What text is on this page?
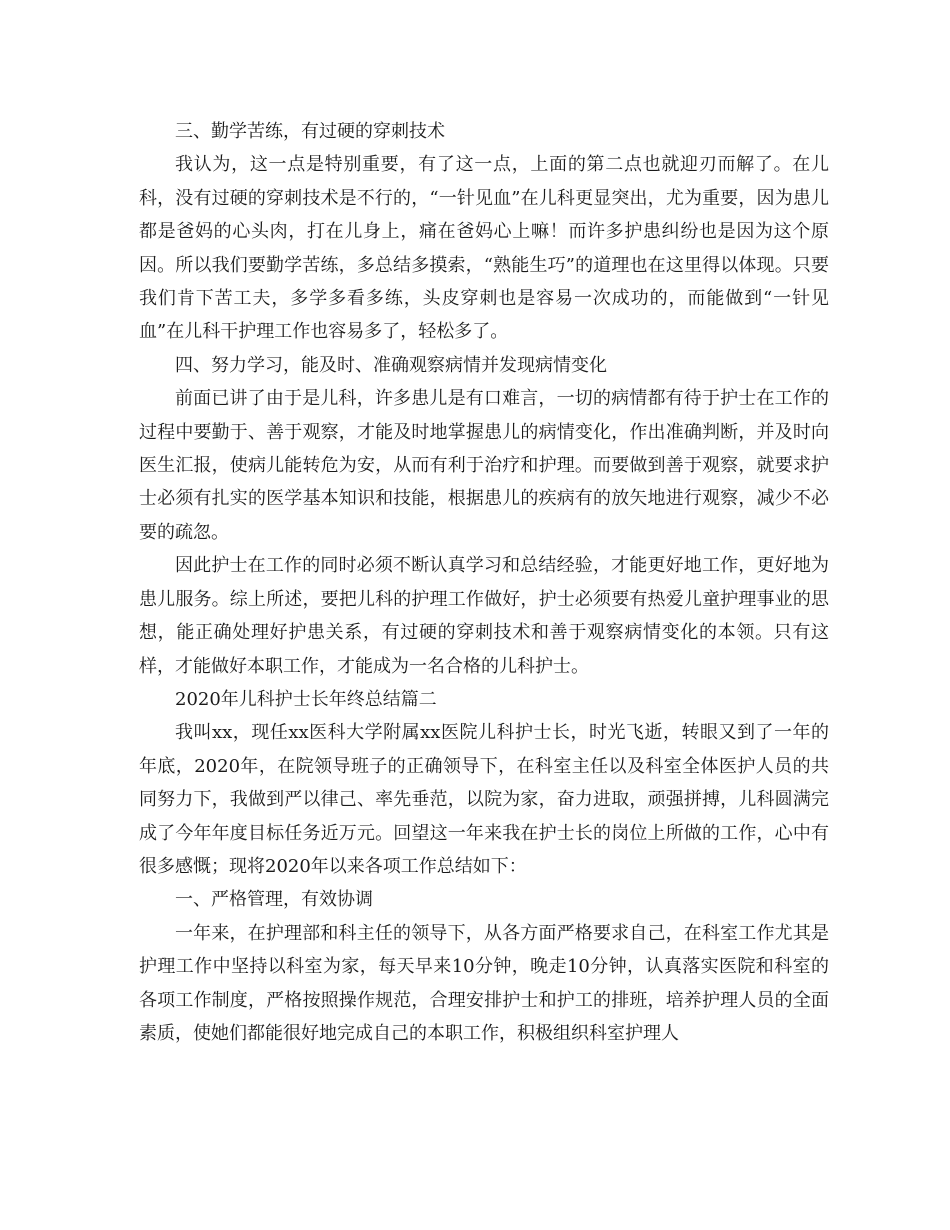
三、勤学苦练，有过硬的穿刺技术

我认为，这一点是特别重要，有了这一点，上面的第二点也就迎刃而解了。在儿科，没有过硬的穿刺技术是不行的，“一针见血”在儿科更显突出，尤为重要，因为患儿都是爸妈的心头肉，打在儿身上，痛在爸妈心上嘛！而许多护患纠纷也是因为这个原因。所以我们要勤学苦练，多总结多摸索，“熟能生巧”的道理也在这里得以体现。只要我们肯下苦工夫，多学多看多练，头皮穿刺也是容易一次成功的，而能做到“一针见血”在儿科干护理工作也容易多了，轻松多了。

四、努力学习，能及时、准确观察病情并发现病情变化

前面已讲了由于是儿科，许多患儿是有口难言，一切的病情都有待于护士在工作的过程中要勤于、善于观察，才能及时地掌握患儿的病情变化，作出准确判断，并及时向医生汇报，使病儿能转危为安，从而有利于治疗和护理。而要做到善于观察，就要求护士必须有扎实的医学基本知识和技能，根据患儿的疾病有的放矢地进行观察，减少不必要的疏忽。

因此护士在工作的同时必须不断认真学习和总结经验，才能更好地工作，更好地为患儿服务。综上所述，要把儿科的护理工作做好，护士必须要有热爱儿童护理事业的思想，能正确处理好护患关系，有过硬的穿刺技术和善于观察病情变化的本领。只有这样，才能做好本职工作，才能成为一名合格的儿科护士。

2020年儿科护士长年终总结篇二

我叫xx，现任xx医科大学附属xx医院儿科护士长，时光飞逝，转眼又到了一年的年底，2020年，在院领导班子的正确领导下，在科室主任以及科室全体医护人员的共同努力下，我做到严以律己、率先垂范，以院为家，奋力进取，顽强拼搏，儿科圆满完成了今年年度目标任务近万元。回望这一年来我在护士长的岗位上所做的工作，心中有很多感慨；现将2020年以来各项工作总结如下：

一、严格管理，有效协调

一年来，在护理部和科主任的领导下，从各方面严格要求自己，在科室工作尤其是护理工作中坚持以科室为家，每天早来10分钟，晚走10分钟，认真落实医院和科室的各项工作制度，严格按照操作规范，合理安排护士和护工的排班，培养护理人员的全面素质，使她们都能很好地完成自己的本职工作，积极组织科室护理人
